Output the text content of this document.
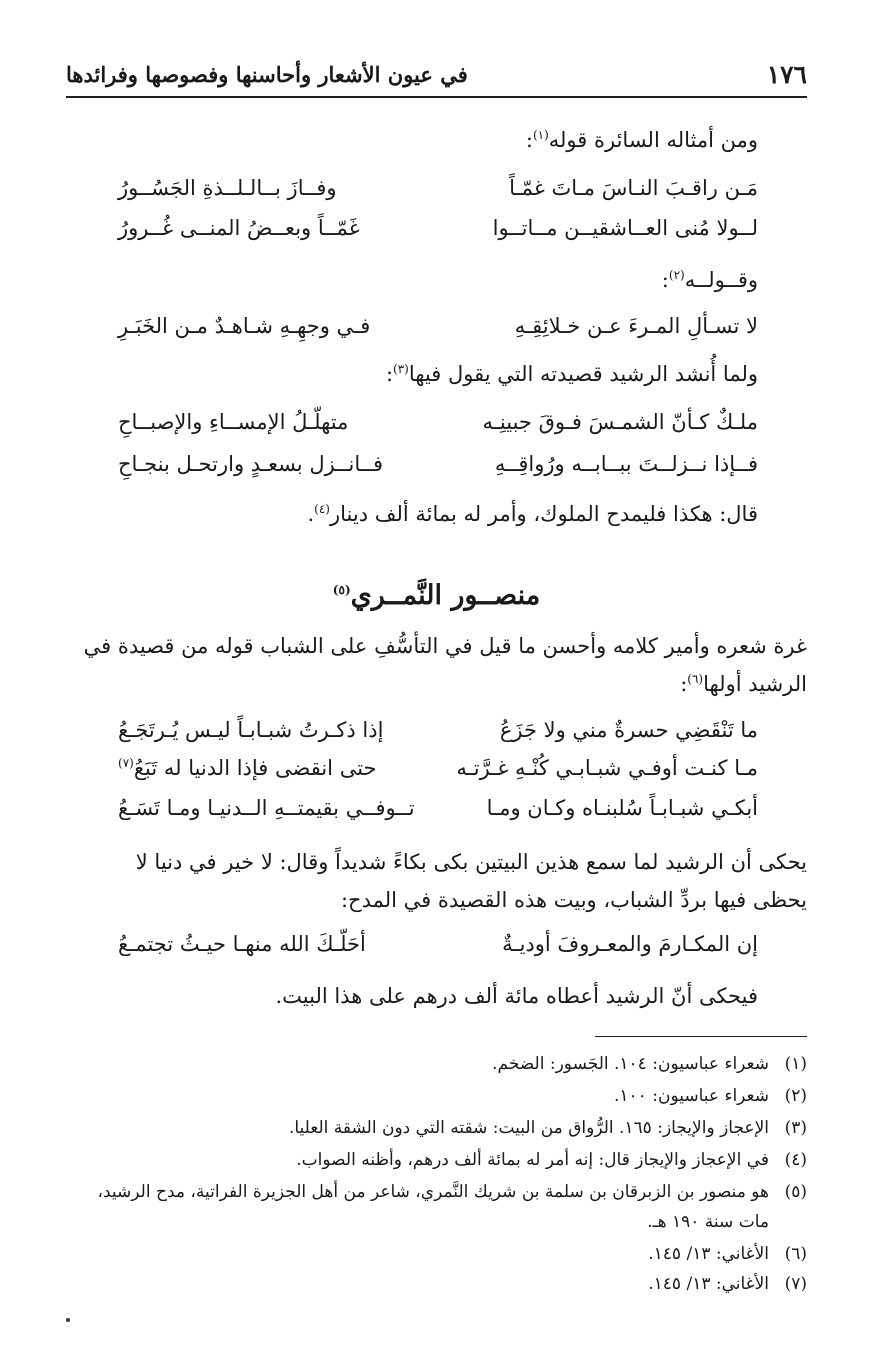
١٧٦
في عيون الأشعار وأحاسنها وفصوصها وفرائدها
ومن أمثاله السائرة قوله$^{(١)}$:
مَـن راقـبَ النـاسَ مـاتَ غمّـاً
وفــازَ بــالـلــذةِ الجَسُــورُ
لــولا مُنى العــاشقيــن مــاتــوا
غَمّــاً وبعــضُ المنــى غُــرورُ
وقــولــه$^{(٢)}$:
لا تسـألِ المـرءَ عـن خـلائِقِـهِ
فـي وجهِـهِ شـاهـدٌ مـن الخَبَـرِ
ولما أُنشد الرشيد قصيدته التي يقول فيها$^{(٣)}$:
ملـكٌ كـأنّ الشمـسَ فـوقَ جبينِـه
متهلّـلُ الإمســاءِ والإصبــاحِ
فــإذا نــزلــتَ ببــابــه ورُواقِــهِ
فــانــزل بسعـدٍ وارتحـل بنجـاحِ
قال: هكذا فليمدح الملوك، وأمر له بمائة ألف دينار$^{(٤)}$.
منصــور النَّمــري$^{(٥)}$
غرة شعره وأمير كلامه وأحسن ما قيل في التأسُّفِ على الشباب قوله من قصيدة في
الرشيد أولها$^{(٦)}$:
ما تَنْقَضِي حسرةٌ مني ولا جَزَعُ
إذا ذكـرتُ شبـابـاً ليـس يُـرتَجَـعُ
مـا كنـت أوفـي شبـابـي كُنْـهِ غـرَّتـه
حتى انقضى فإذا الدنيا له تَبَعُ$^{(٧)}$
أبكـي شبـابـاً سُلبنـاه وكـان ومـا
تــوفــي بقيمتــهِ الــدنيـا ومـا تَسَـعُ
يحكى أن الرشيد لما سمع هذين البيتين بكى بكاءً شديداً وقال: لا خير في دنيا لا
يحظى فيها بردِّ الشباب، وبيت هذه القصيدة في المدح:
إن المكـارمَ والمعـروفَ أوديـةٌ
أحَلّـكَ الله منهـا حيـثُ تجتمـعُ
فيحكى أنّ الرشيد أعطاه مائة ألف درهم على هذا البيت.
(١)شعراء عباسيون: ١٠٤. الجَسور: الضخم.
(٢)شعراء عباسيون: ١٠٠.
(٣)الإعجاز والإيجاز: ١٦٥. الرُّواق من البيت: شقته التي دون الشقة العليا.
(٤)في الإعجاز والإيجاز قال: إنه أمر له بمائة ألف درهم، وأظنه الصواب.
(٥)هو منصور بن الزبرقان بن سلمة بن شريك النَّمري، شاعر من أهل الجزيرة الفراتية، مدح الرشيد،
مات سنة ١٩٠ هـ.
(٦)الأغاني: ١٣/ ١٤٥.
(٧)الأغاني: ١٣/ ١٤٥.
